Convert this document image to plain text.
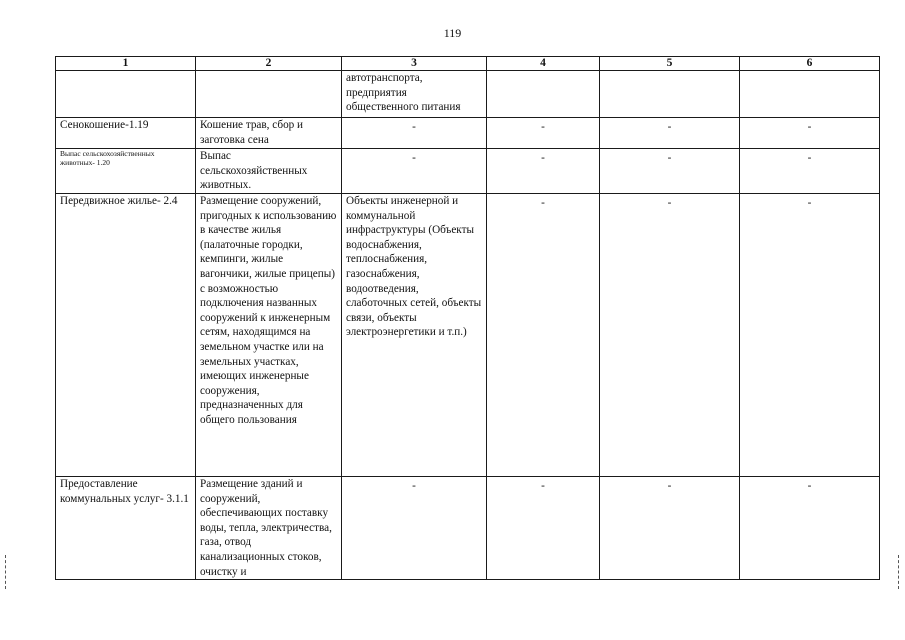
119
1	2	3	4	5	6
		автотранспорта, предприятия общественного питания			
Сенокошение-1.19	Кошение трав, сбор и заготовка сена	-	-	-	-

Выпас сельскохозяйственных животных- 1.20	Выпас сельскохозяйственных животных.	-	-	-	-
Передвижное жилье- 2.4	Размещение сооружений, пригодных к использованию в качестве жилья (палаточные городки, кемпинги, жилые вагончики, жилые прицепы) с возможностью подключения названных сооружений к инженерным сетям, находящимся на земельном участке или на земельных участках, имеющих инженерные сооружения, предназначенных для общего пользования	Объекты инженерной и коммунальной инфраструктуры (Объекты водоснабжения, теплоснабжения, газоснабжения, водоотведения, слаботочных сетей, объекты связи, объекты электроэнергетики и т.п.)	-	-	-
Предоставление коммунальных услуг- 3.1.1	Размещение зданий и сооружений, обеспечивающих поставку воды, тепла, электричества, газа, отвод канализационных стоков, очистку и	-	-	-	-
